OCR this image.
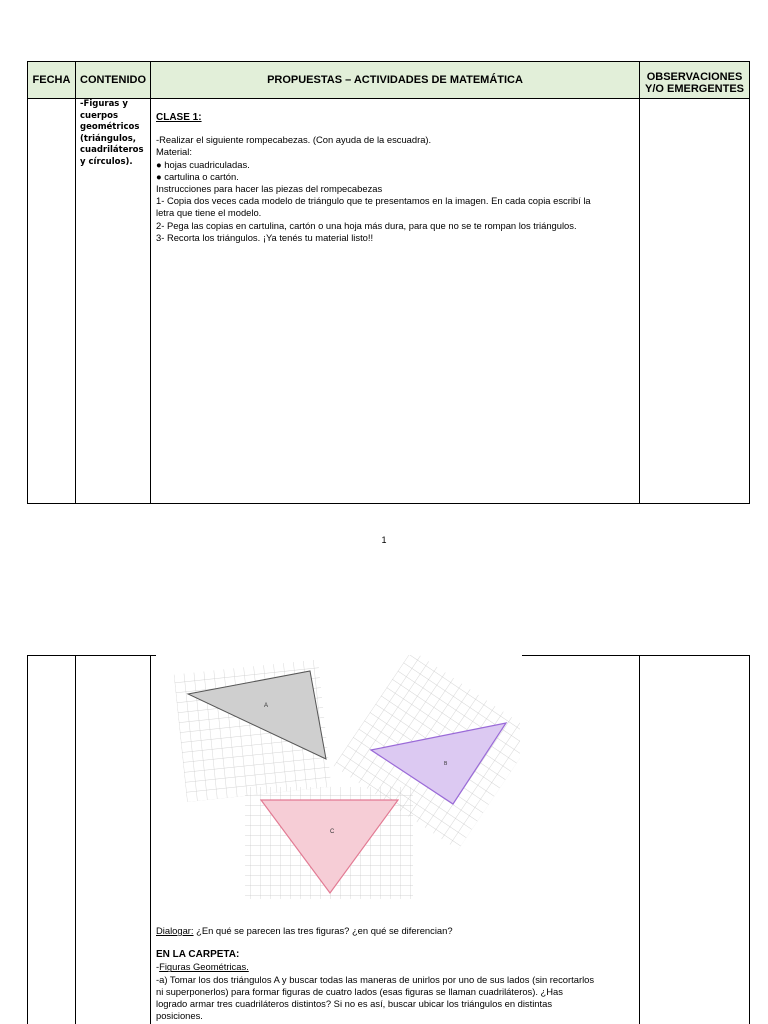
FECHA CONTENIDO	PROPUESTAS – ACTIVIDADES DE MATEMÁTICA	OBSERVACIONES Y/O EMERGENTES
-Figuras y
cuerpos
geométricos
(triángulos,
cuadriláteros
y círculos).
CLASE 1:
-Realizar el siguiente rompecabezas. (Con ayuda de la escuadra).
Material:
● hojas cuadriculadas.
● cartulina o cartón.
Instrucciones para hacer las piezas del rompecabezas
1- Copia dos veces cada modelo de triángulo que te presentamos en la imagen. En cada copia escribí la letra que tiene el modelo.
2- Pega las copias en cartulina, cartón o una hoja más dura, para que no se te rompan los triángulos.
3- Recorta los triángulos. ¡Ya tenés tu material listo!!
1
A
B
C
Dialogar: ¿En qué se parecen las tres figuras? ¿en qué se diferencian?
EN LA CARPETA:
-Figuras Geométricas.
-a) Tomar los dos triángulos A y buscar todas las maneras de unirlos por uno de sus lados (sin recortarlos ni superponerlos) para formar figuras de cuatro lados (esas figuras se llaman cuadriláteros). ¿Has logrado armar tres cuadriláteros distintos? Si no es así, buscar ubicar los triángulos en distintas posiciones.
